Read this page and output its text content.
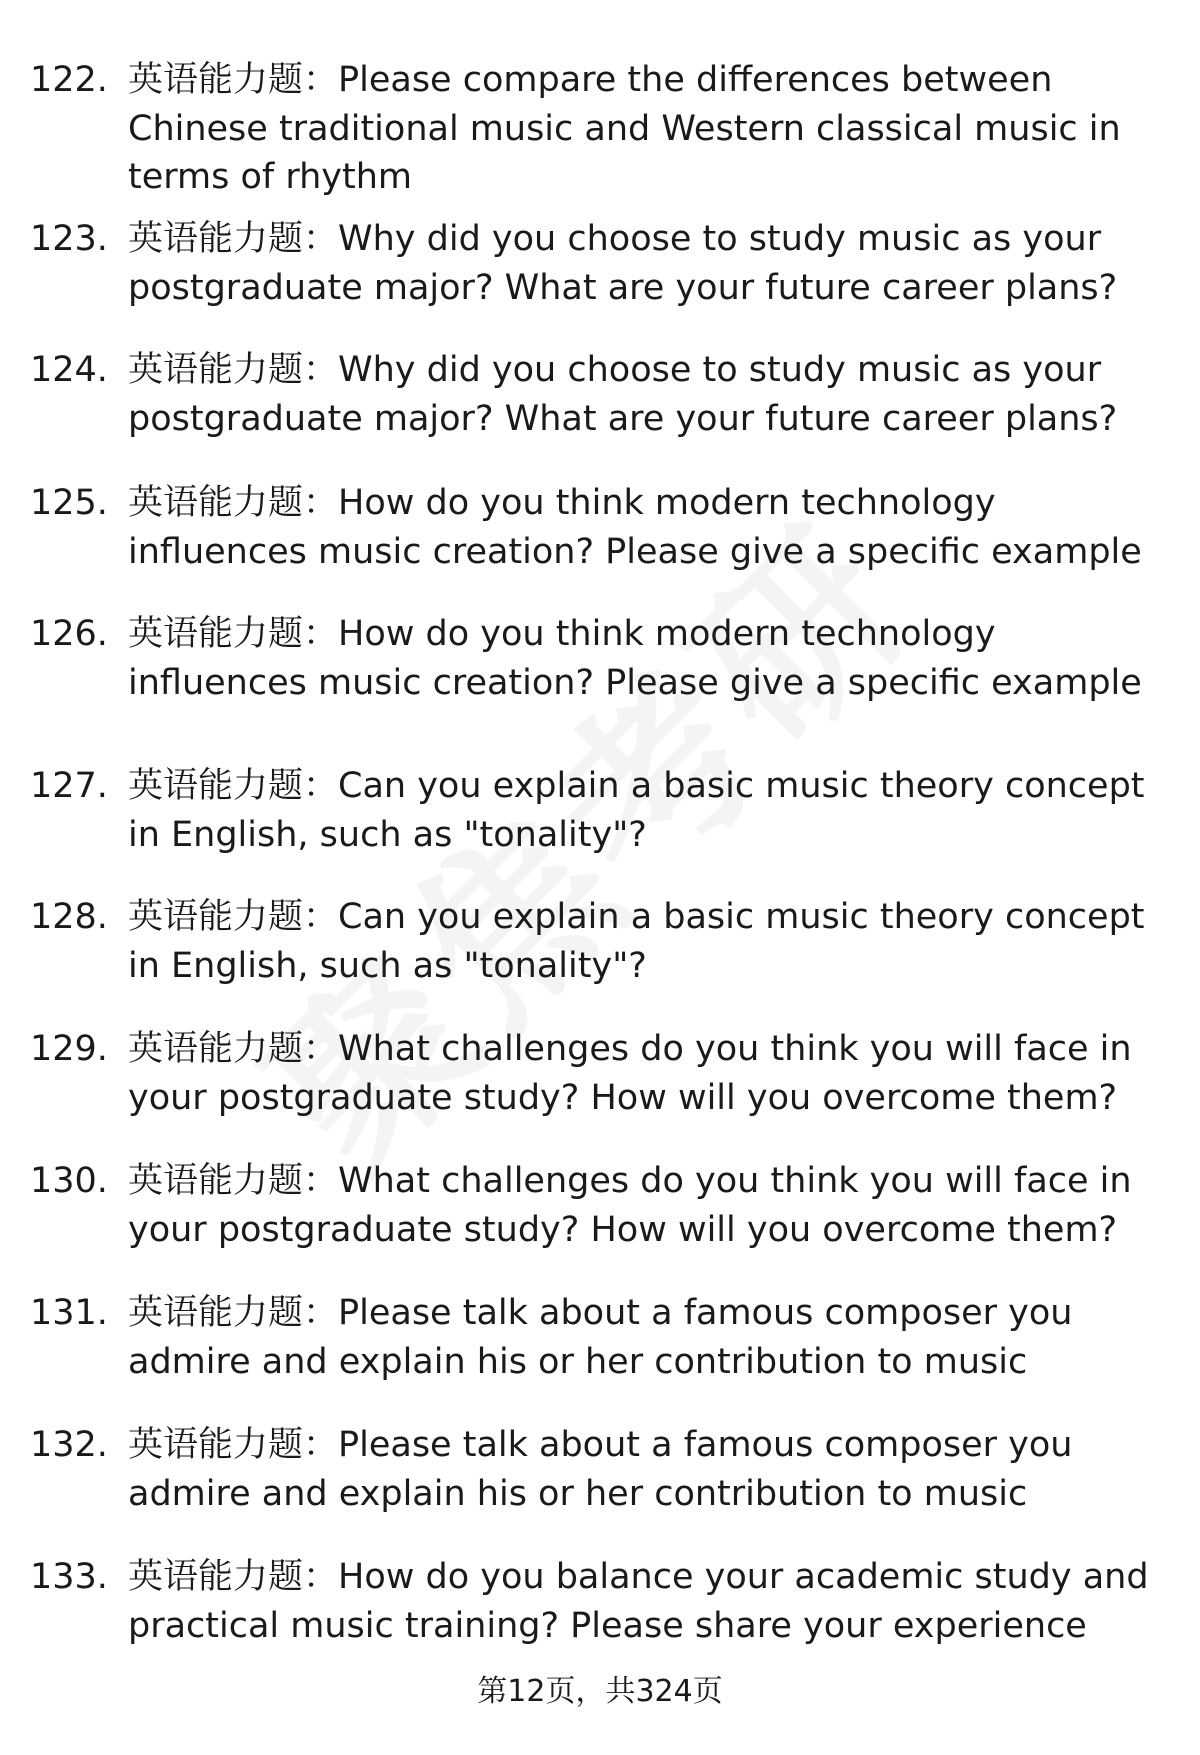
122. 英语能力题：Please compare the differences between Chinese traditional music and Western classical music in terms of rhythm
123. 英语能力题：Why did you choose to study music as your postgraduate major? What are your future career plans?
124. 英语能力题：Why did you choose to study music as your postgraduate major? What are your future career plans?
125. 英语能力题：How do you think modern technology influences music creation? Please give a specific example
126. 英语能力题：How do you think modern technology influences music creation? Please give a specific example
127. 英语能力题：Can you explain a basic music theory concept in English, such as "tonality"?
128. 英语能力题：Can you explain a basic music theory concept in English, such as "tonality"?
129. 英语能力题：What challenges do you think you will face in your postgraduate study? How will you overcome them?
130. 英语能力题：What challenges do you think you will face in your postgraduate study? How will you overcome them?
131. 英语能力题：Please talk about a famous composer you admire and explain his or her contribution to music
132. 英语能力题：Please talk about a famous composer you admire and explain his or her contribution to music
133. 英语能力题：How do you balance your academic study and practical music training? Please share your experience
第12页，共324页
